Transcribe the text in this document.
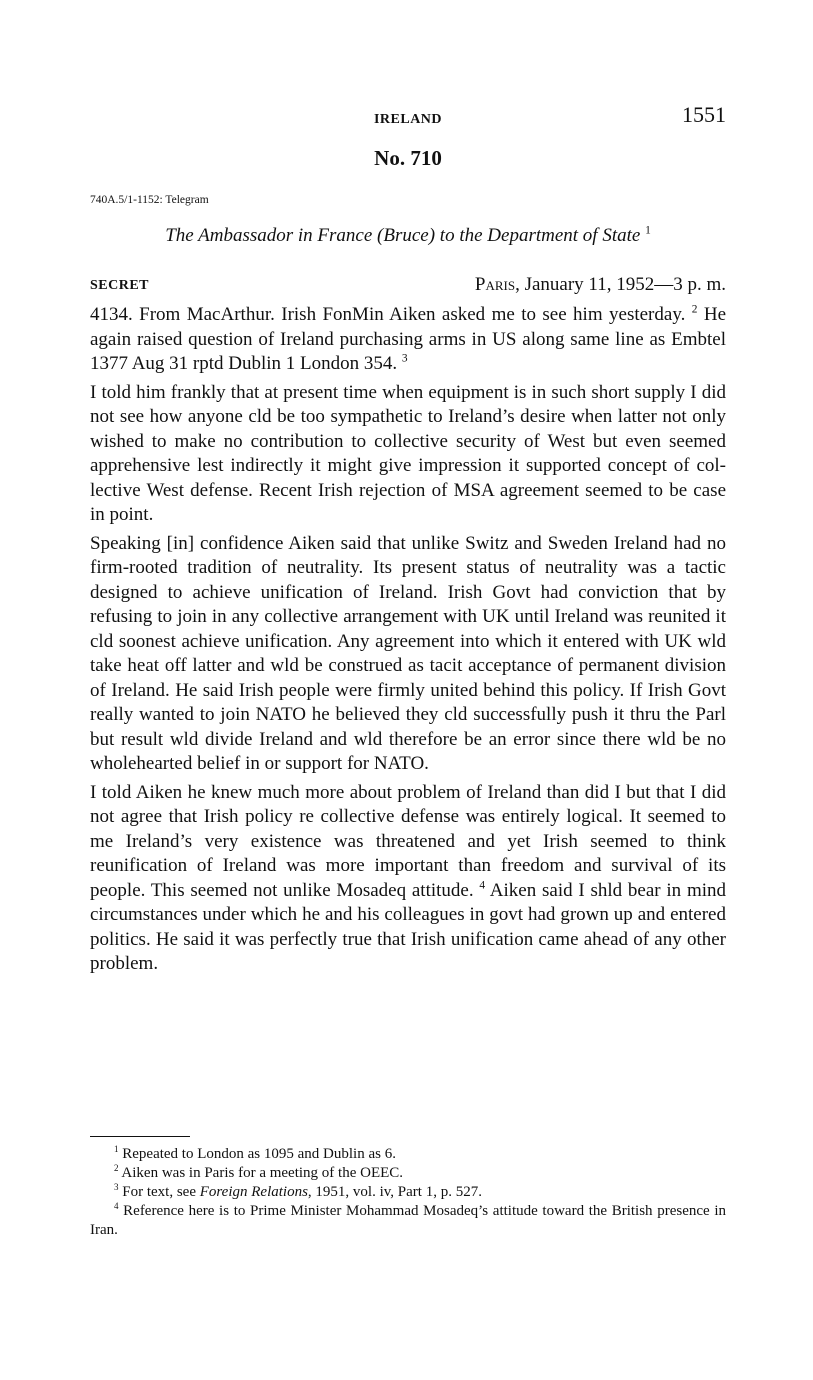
IRELAND	1551
No. 710
740A.5/1-1152: Telegram
The Ambassador in France (Bruce) to the Department of State $^1$
SECRET	Paris, January 11, 1952—3 p. m.

4134. From MacArthur. Irish FonMin Aiken asked me to see him yesterday. $^2$ He again raised question of Ireland purchasing arms in US along same line as Embtel 1377 Aug 31 rptd Dublin 1 London 354. $^3$

I told him frankly that at present time when equipment is in such short supply I did not see how anyone cld be too sympathetic to Ireland’s desire when latter not only wished to make no contribution to collective security of West but even seemed apprehensive lest indirectly it might give impression it supported concept of collective West defense. Recent Irish rejection of MSA agreement seemed to be case in point.

Speaking [in] confidence Aiken said that unlike Switz and Sweden Ireland had no firm-rooted tradition of neutrality. Its present status of neutrality was a tactic designed to achieve unification of Ireland. Irish Govt had conviction that by refusing to join in any collective arrangement with UK until Ireland was reunited it cld soonest achieve unification. Any agreement into which it entered with UK wld take heat off latter and wld be construed as tacit acceptance of permanent division of Ireland. He said Irish people were firmly united behind this policy. If Irish Govt really wanted to join NATO he believed they cld successfully push it thru the Parl but result wld divide Ireland and wld therefore be an error since there wld be no wholehearted belief in or support for NATO.

I told Aiken he knew much more about problem of Ireland than did I but that I did not agree that Irish policy re collective defense was entirely logical. It seemed to me Ireland’s very existence was threatened and yet Irish seemed to think reunification of Ireland was more important than freedom and survival of its people. This seemed not unlike Mosadeq attitude. $^4$ Aiken said I shld bear in mind circumstances under which he and his colleagues in govt had grown up and entered politics. He said it was perfectly true that Irish unification came ahead of any other problem.

$^1$ Repeated to London as 1095 and Dublin as 6.

$^2$ Aiken was in Paris for a meeting of the OEEC.

$^3$ For text, see Foreign Relations, 1951, vol. iv, Part 1, p. 527.

$^4$ Reference here is to Prime Minister Mohammad Mosadeq’s attitude toward the British presence in Iran.
